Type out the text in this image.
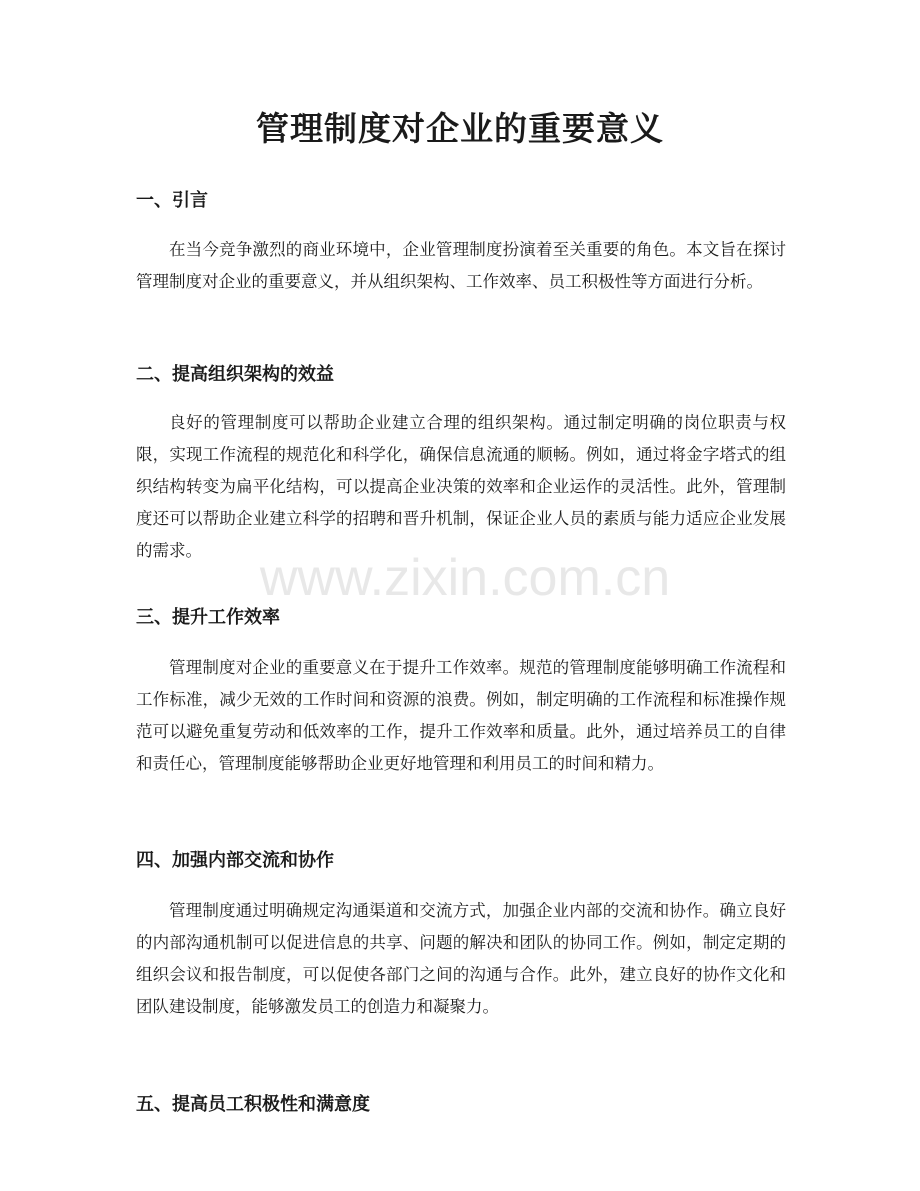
管理制度对企业的重要意义
一、引言

在当今竞争激烈的商业环境中，企业管理制度扮演着至关重要的角色。本文旨在探讨管理制度对企业的重要意义，并从组织架构、工作效率、员工积极性等方面进行分析。

二、提高组织架构的效益

良好的管理制度可以帮助企业建立合理的组织架构。通过制定明确的岗位职责与权限，实现工作流程的规范化和科学化，确保信息流通的顺畅。例如，通过将金字塔式的组织结构转变为扁平化结构，可以提高企业决策的效率和企业运作的灵活性。此外，管理制度还可以帮助企业建立科学的招聘和晋升机制，保证企业人员的素质与能力适应企业发展的需求。

三、提升工作效率

管理制度对企业的重要意义在于提升工作效率。规范的管理制度能够明确工作流程和工作标准，减少无效的工作时间和资源的浪费。例如，制定明确的工作流程和标准操作规范可以避免重复劳动和低效率的工作，提升工作效率和质量。此外，通过培养员工的自律和责任心，管理制度能够帮助企业更好地管理和利用员工的时间和精力。

四、加强内部交流和协作

管理制度通过明确规定沟通渠道和交流方式，加强企业内部的交流和协作。确立良好的内部沟通机制可以促进信息的共享、问题的解决和团队的协同工作。例如，制定定期的组织会议和报告制度，可以促使各部门之间的沟通与合作。此外，建立良好的协作文化和团队建设制度，能够激发员工的创造力和凝聚力。

五、提高员工积极性和满意度
www.zixin.com.cn
